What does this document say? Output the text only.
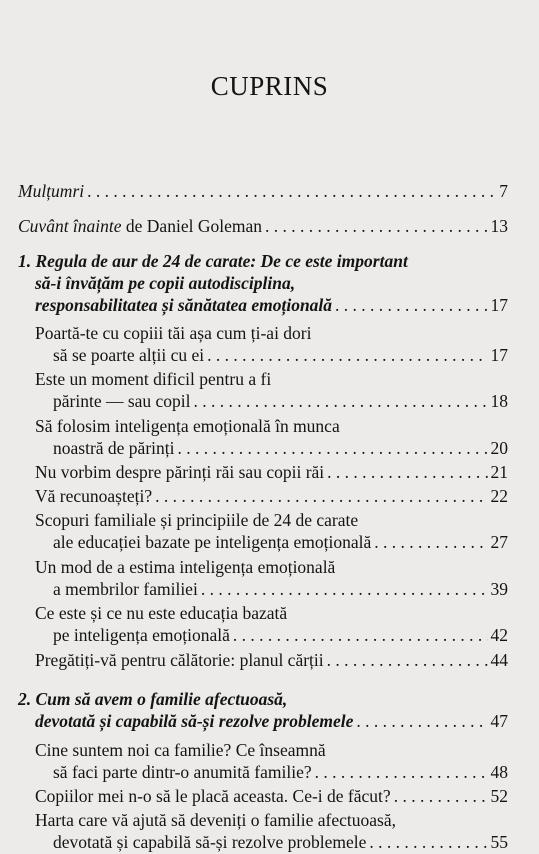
CUPRINS
Mulțumri . . .	7
Cuvânt înainte de Daniel Goleman . . .	13
1. Regula de aur de 24 de carate: De ce este important
să-i învățăm pe copii autodisciplina,
responsabilitatea și sănătatea emoțională . . .	17
Poartă-te cu copiii tăi așa cum ți-ai dori
să se poarte alții cu ei . . .	17
Este un moment dificil pentru a fi
părinte — sau copil . . .	18
Să folosim inteligența emoțională în munca
noastră de părinți . . .	20
Nu vorbim despre părinți răi sau copii răi . . .	21
Vă recunoașteți? . . .	22
Scopuri familiale și principiile de 24 de carate
ale educației bazate pe inteligența emoțională . . .	27
Un mod de a estima inteligența emoțională
a membrilor familiei . . .	39
Ce este și ce nu este educația bazată
pe inteligența emoțională . . .	42
Pregătiți-vă pentru călătorie: planul cărții . . .	44
2. Cum să avem o familie afectuoasă,
devotată și capabilă să-și rezolve problemele . . .	47
Cine suntem noi ca familie? Ce înseamnă
să faci parte dintr-o anumită familie? . . .	48
Copiilor mei n-o să le placă aceasta. Ce-i de făcut? . . .	52
Harta care vă ajută să deveniți o familie afectuoasă,
devotată și capabilă să-și rezolve problemele . . .	55
